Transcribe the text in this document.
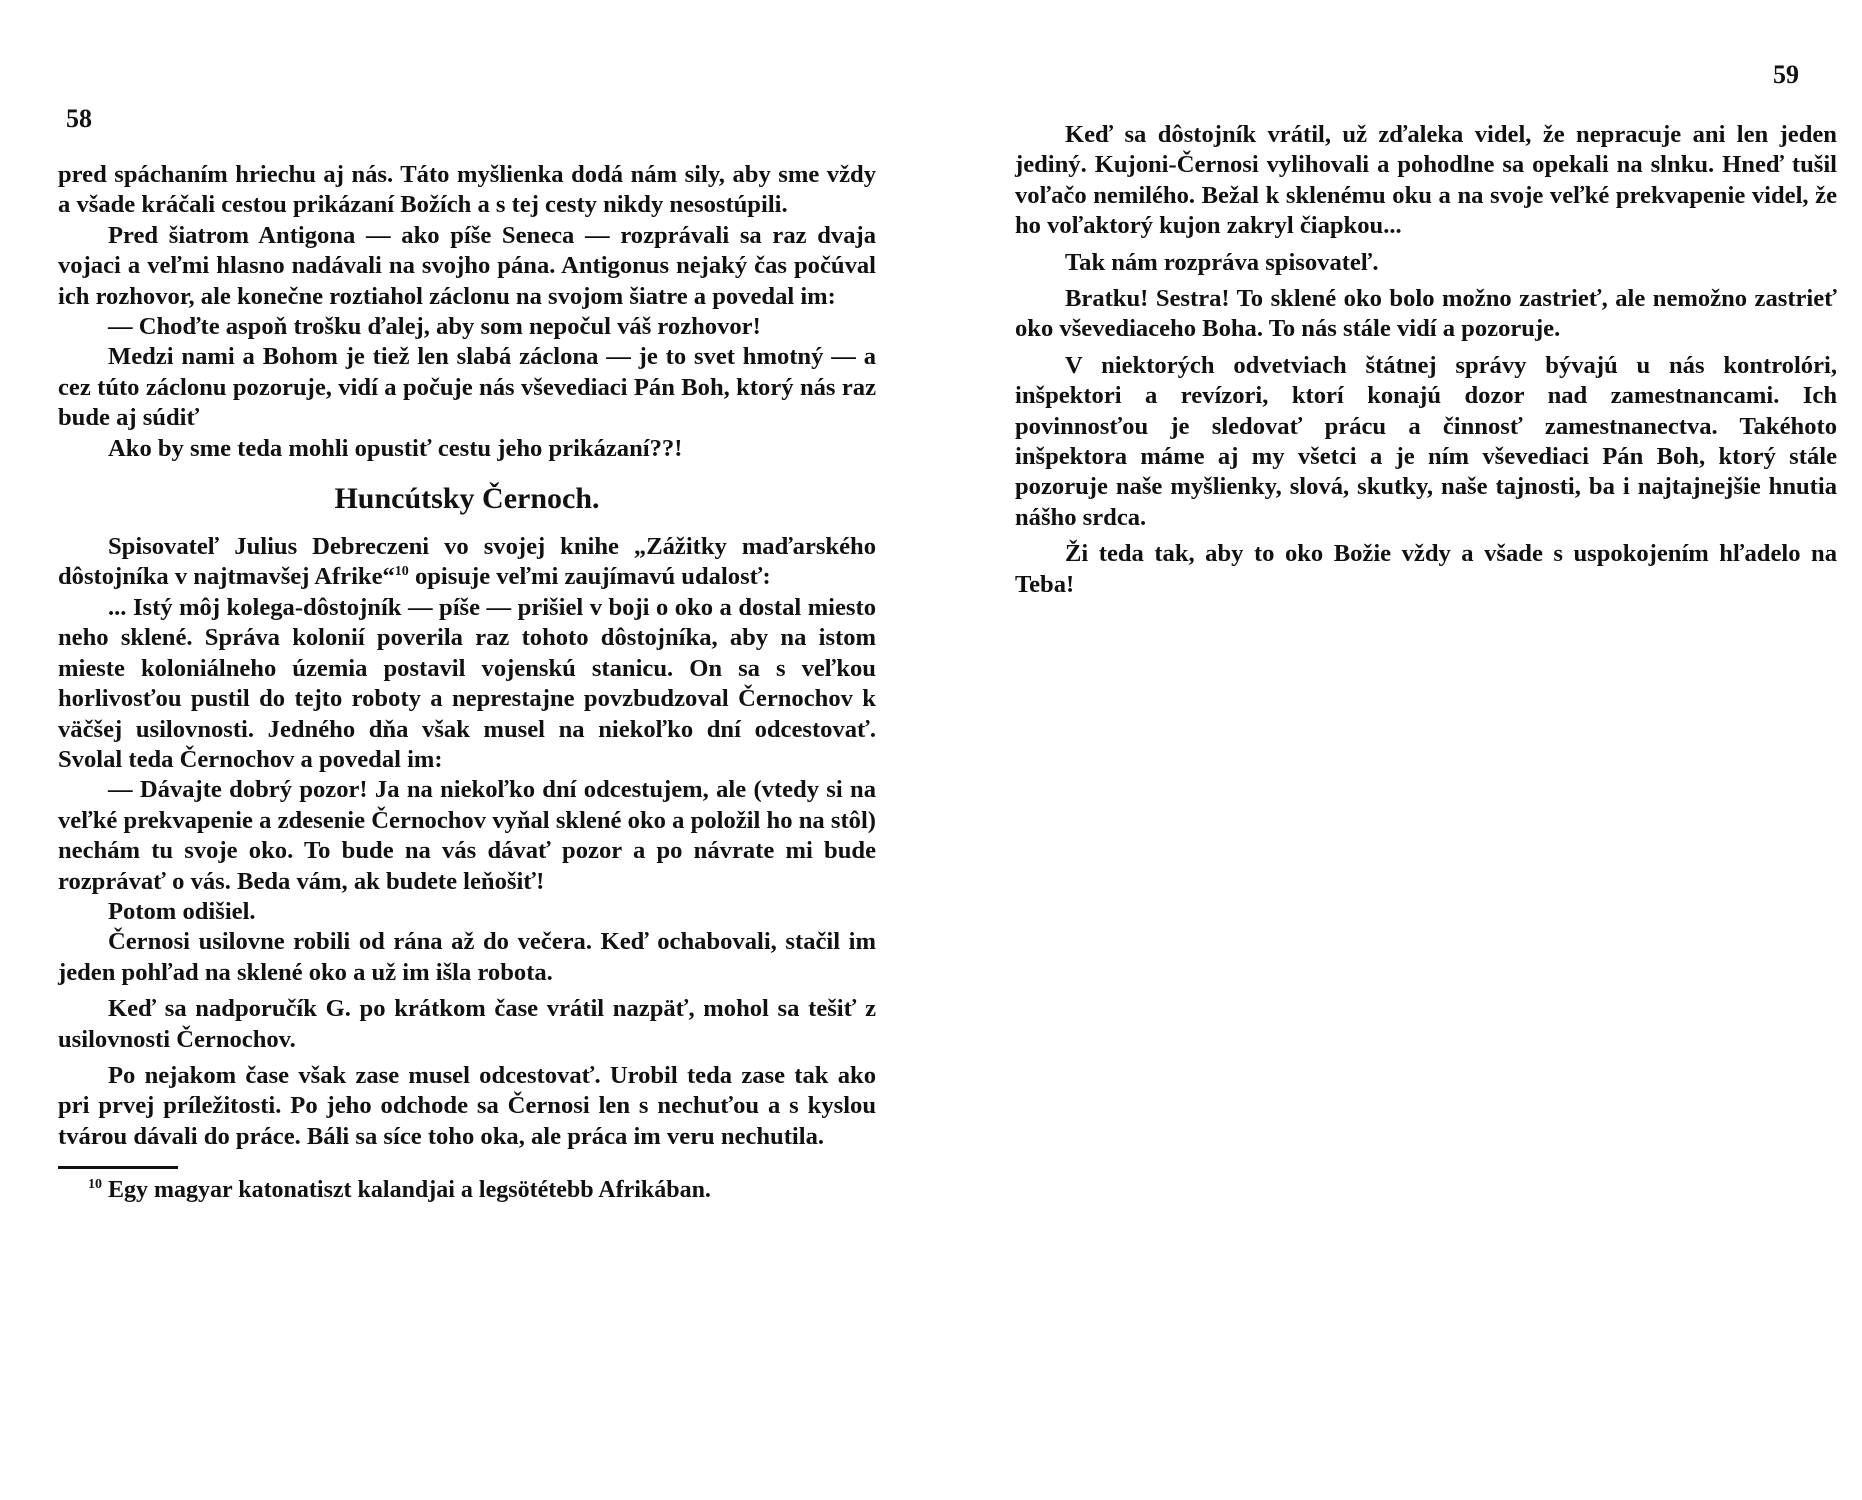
58

pred spáchaním hriechu aj nás. Táto myšlienka dodá nám sily, aby sme vždy a všade kráčali cestou prikázaní Božích a s tej cesty nikdy nesostúpili.

Pred šiatrom Antigona — ako píše Seneca — rozprávali sa raz dvaja vojaci a veľmi hlasno nadávali na svojho pána. Antigonus nejaký čas počúval ich rozhovor, ale konečne roztiahol záclonu na svojom šiatre a povedal im:

— Choďte aspoň trošku ďalej, aby som nepočul váš rozhovor!

Medzi nami a Bohom je tiež len slabá záclona — je to svet hmotný — a cez túto záclonu pozoruje, vidí a počuje nás vševediaci Pán Boh, ktorý nás raz bude aj súdiť

Ako by sme teda mohli opustiť cestu jeho prikázaní??!

Huncútsky Černoch.

Spisovateľ Julius Debreczeni vo svojej knihe „Zážitky maďarského dôstojníka v najtmavšej Afrike“$^{10}$ opisuje veľmi zaujímavú udalosť:

... Istý môj kolega-dôstojník — píše — prišiel v boji o oko a dostal miesto neho sklené. Správa kolonií poverila raz tohoto dôstojníka, aby na istom mieste koloniálneho územia postavil vojenskú stanicu. On sa s veľkou horlivosťou pustil do tejto roboty a neprestajne povzbudzoval Černochov k väčšej usilovnosti. Jedného dňa však musel na niekoľko dní odcestovať. Svolal teda Černochov a povedal im:

— Dávajte dobrý pozor! Ja na niekoľko dní odcestujem, ale (vtedy si na veľké prekvapenie a zdesenie Černochov vyňal sklené oko a položil ho na stôl) nechám tu svoje oko. To bude na vás dávať pozor a po návrate mi bude rozprávať o vás. Beda vám, ak budete leňošiť!

Potom odišiel.

Černosi usilovne robili od rána až do večera. Keď ochabovali, stačil im jeden pohľad na sklené oko a už im išla robota.

Keď sa nadporučík G. po krátkom čase vrátil nazpäť, mohol sa tešiť z usilovnosti Černochov.

Po nejakom čase však zase musel odcestovať. Urobil teda zase tak ako pri prvej príležitosti. Po jeho odchode sa Černosi len s nechuťou a s kyslou tvárou dávali do práce. Báli sa síce toho oka, ale práca im veru nechutila.

$^{10}$ Egy magyar katonatiszt kalandjai a legsötétebb Afrikában.

59

Keď sa dôstojník vrátil, už zďaleka videl, že nepracuje ani len jeden jediný. Kujoni-Černosi vylihovali a pohodlne sa opekali na slnku. Hneď tušil voľačo nemilého. Bežal k sklenému oku a na svoje veľké prekvapenie videl, že ho voľaktorý kujon zakryl čiapkou...

Tak nám rozpráva spisovateľ.

Bratku! Sestra! To sklené oko bolo možno zastrieť, ale nemožno zastrieť oko vševediaceho Boha. To nás stále vidí a pozoruje.

V niektorých odvetviach štátnej správy bývajú u nás kontrolóri, inšpektori a revízori, ktorí konajú dozor nad zamestnancami. Ich povinnosťou je sledovať prácu a činnosť zamestnanectva. Takéhoto inšpektora máme aj my všetci a je ním vševediaci Pán Boh, ktorý stále pozoruje naše myšlienky, slová, skutky, naše tajnosti, ba i najtajnejšie hnutia nášho srdca.

Ži teda tak, aby to oko Božie vždy a všade s uspokojením hľadelo na Teba!
